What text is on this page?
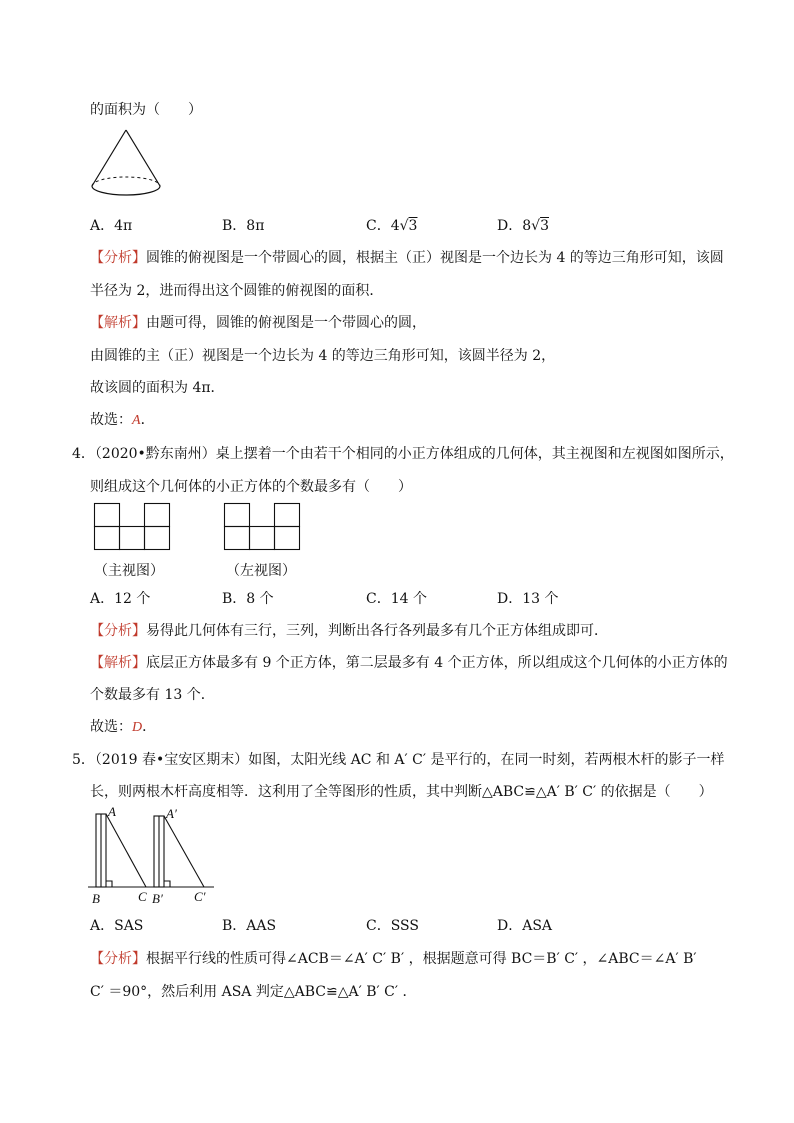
的面积为（　　）
A．4π	B．8π	C．4√3	D．8√3
【分析】圆锥的俯视图是一个带圆心的圆，根据主（正）视图是一个边长为 4 的等边三角形可知，该圆
半径为 2，进而得出这个圆锥的俯视图的面积．
【解析】由题可得，圆锥的俯视图是一个带圆心的圆，
由圆锥的主（正）视图是一个边长为 4 的等边三角形可知，该圆半径为 2，
故该圆的面积为 4π．
故选：A．
4．（2020•黔东南州）桌上摆着一个由若干个相同的小正方体组成的几何体，其主视图和左视图如图所示，
则组成这个几何体的小正方体的个数最多有（　　）
（主视图）	（左视图）
A．12 个	B．8 个	C．14 个	D．13 个
【分析】易得此几何体有三行，三列，判断出各行各列最多有几个正方体组成即可．
【解析】底层正方体最多有 9 个正方体，第二层最多有 4 个正方体，所以组成这个几何体的小正方体的
个数最多有 13 个．
故选：D．
5．（2019 春•宝安区期末）如图，太阳光线 AC 和 A′ C′ 是平行的，在同一时刻，若两根木杆的影子一样
长，则两根木杆高度相等．这利用了全等图形的性质，其中判断△ABC≌△A′ B′ C′ 的依据是（　　）
A	A′
B	C B′ C′
A．SAS	B．AAS	C．SSS	D．ASA
【分析】根据平行线的性质可得∠ACB＝∠A′ C′ B′ ，根据题意可得 BC＝B′ C′ ，∠ABC＝∠A′ B′
C′ ＝90°，然后利用 ASA 判定△ABC≌△A′ B′ C′ ．
